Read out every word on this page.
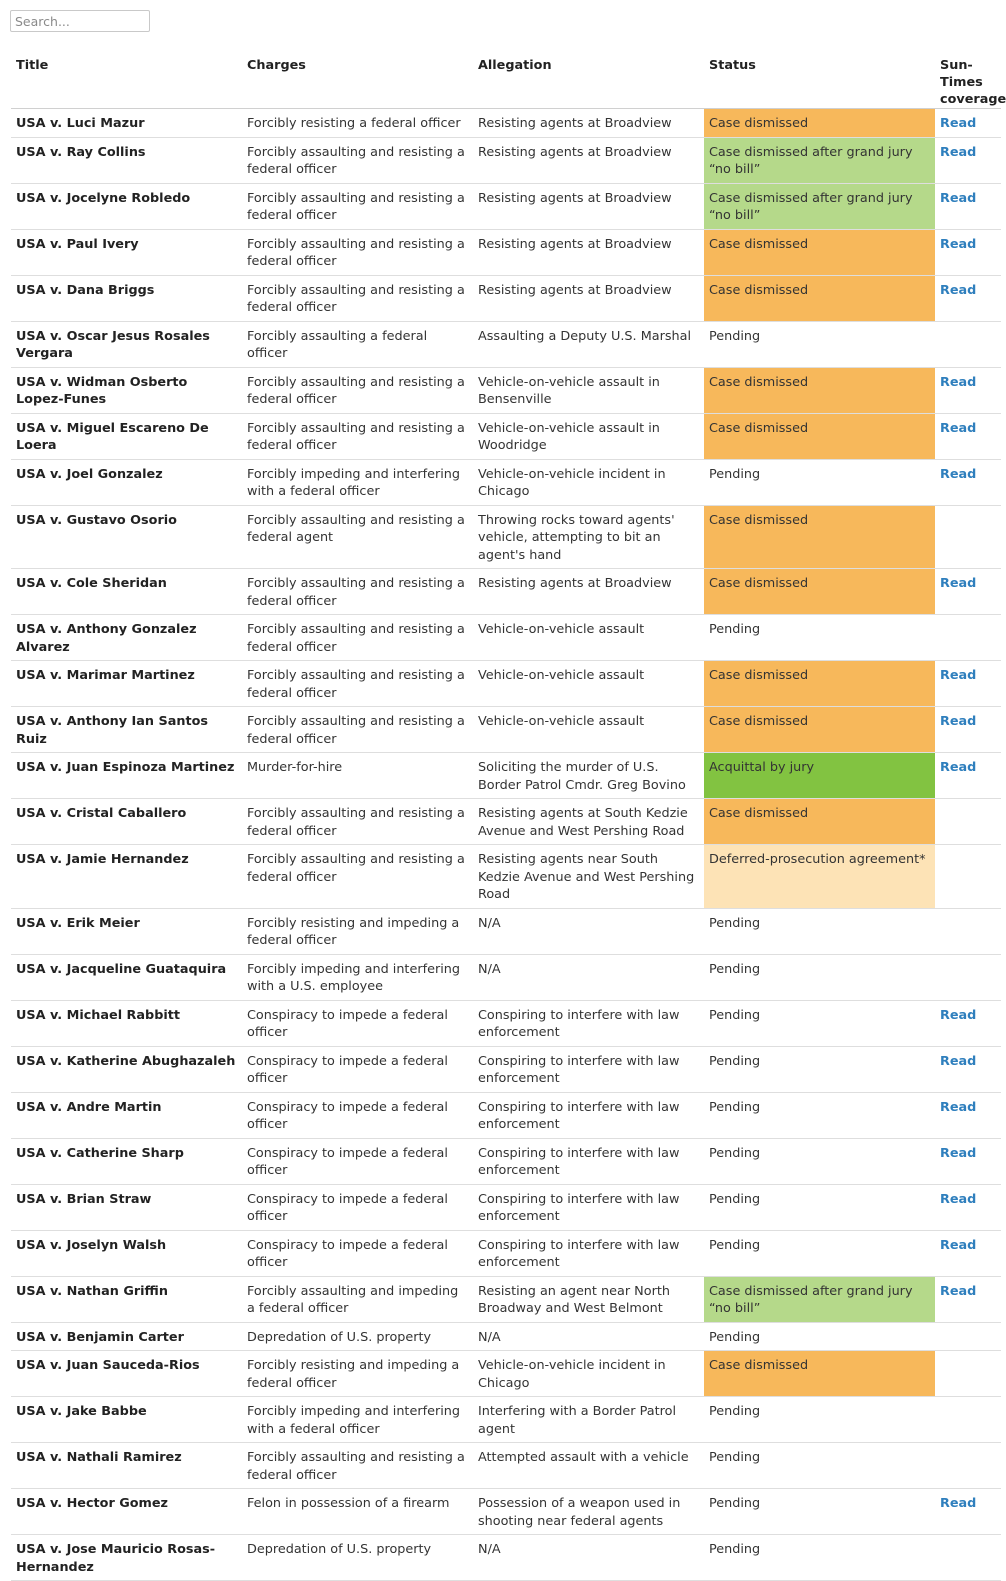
Search...
Title	Charges	Allegation	Status	Sun-Times coverage
USA v. Luci Mazur	Forcibly resisting a federal officer	Resisting agents at Broadview	Case dismissed	Read
USA v. Ray Collins	Forcibly assaulting and resisting a federal officer	Resisting agents at Broadview	Case dismissed after grand jury “no bill”	Read
USA v. Jocelyne Robledo	Forcibly assaulting and resisting a federal officer	Resisting agents at Broadview	Case dismissed after grand jury “no bill”	Read
USA v. Paul Ivery	Forcibly assaulting and resisting a federal officer	Resisting agents at Broadview	Case dismissed	Read
USA v. Dana Briggs	Forcibly assaulting and resisting a federal officer	Resisting agents at Broadview	Case dismissed	Read
USA v. Oscar Jesus Rosales Vergara	Forcibly assaulting a federal officer	Assaulting a Deputy U.S. Marshal	Pending	
USA v. Widman Osberto Lopez-Funes	Forcibly assaulting and resisting a federal officer	Vehicle-on-vehicle assault in Bensenville	Case dismissed	Read
USA v. Miguel Escareno De Loera	Forcibly assaulting and resisting a federal officer	Vehicle-on-vehicle assault in Woodridge	Case dismissed	Read
USA v. Joel Gonzalez	Forcibly impeding and interfering with a federal officer	Vehicle-on-vehicle incident in Chicago	Pending	Read
USA v. Gustavo Osorio	Forcibly assaulting and resisting a federal agent	Throwing rocks toward agents' vehicle, attempting to bit an agent's hand	Case dismissed	
USA v. Cole Sheridan	Forcibly assaulting and resisting a federal officer	Resisting agents at Broadview	Case dismissed	Read
USA v. Anthony Gonzalez Alvarez	Forcibly assaulting and resisting a federal officer	Vehicle-on-vehicle assault	Pending	
USA v. Marimar Martinez	Forcibly assaulting and resisting a federal officer	Vehicle-on-vehicle assault	Case dismissed	Read
USA v. Anthony Ian Santos Ruiz	Forcibly assaulting and resisting a federal officer	Vehicle-on-vehicle assault	Case dismissed	Read
USA v. Juan Espinoza Martinez	Murder-for-hire	Soliciting the murder of U.S. Border Patrol Cmdr. Greg Bovino	Acquittal by jury	Read
USA v. Cristal Caballero	Forcibly assaulting and resisting a federal officer	Resisting agents at South Kedzie Avenue and West Pershing Road	Case dismissed	
USA v. Jamie Hernandez	Forcibly assaulting and resisting a federal officer	Resisting agents near South Kedzie Avenue and West Pershing Road	Deferred-prosecution agreement*	
USA v. Erik Meier	Forcibly resisting and impeding a federal officer	N/A	Pending	
USA v. Jacqueline Guataquira	Forcibly impeding and interfering with a U.S. employee	N/A	Pending	
USA v. Michael Rabbitt	Conspiracy to impede a federal officer	Conspiring to interfere with law enforcement	Pending	Read
USA v. Katherine Abughazaleh	Conspiracy to impede a federal officer	Conspiring to interfere with law enforcement	Pending	Read
USA v. Andre Martin	Conspiracy to impede a federal officer	Conspiring to interfere with law enforcement	Pending	Read
USA v. Catherine Sharp	Conspiracy to impede a federal officer	Conspiring to interfere with law enforcement	Pending	Read
USA v. Brian Straw	Conspiracy to impede a federal officer	Conspiring to interfere with law enforcement	Pending	Read
USA v. Joselyn Walsh	Conspiracy to impede a federal officer	Conspiring to interfere with law enforcement	Pending	Read
USA v. Nathan Griffin	Forcibly assaulting and impeding a federal officer	Resisting an agent near North Broadway and West Belmont	Case dismissed after grand jury “no bill”	Read
USA v. Benjamin Carter	Depredation of U.S. property	N/A	Pending	
USA v. Juan Sauceda-Rios	Forcibly resisting and impeding a federal officer	Vehicle-on-vehicle incident in Chicago	Case dismissed	
USA v. Jake Babbe	Forcibly impeding and interfering with a federal officer	Interfering with a Border Patrol agent	Pending	
USA v. Nathali Ramirez	Forcibly assaulting and resisting a federal officer	Attempted assault with a vehicle	Pending	
USA v. Hector Gomez	Felon in possession of a firearm	Possession of a weapon used in shooting near federal agents	Pending	Read
USA v. Jose Mauricio Rosas-Hernandez	Depredation of U.S. property	N/A	Pending	
